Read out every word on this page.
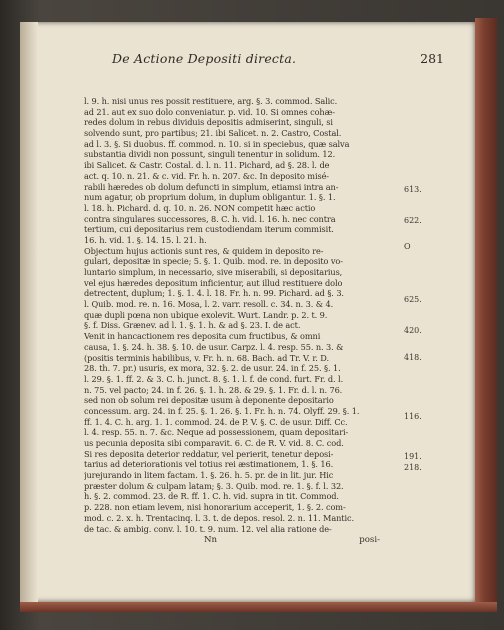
De Actione Depositi directa.	281
l. 9. h. nisi unus res possit restituere, arg. §. 3. commod. Salic.
ad 21. aut ex suo dolo conveniatur. p. vid. 10. Si omnes cohæ-
redes dolum in rebus dividuis depositis admiserint, singuli, si
solvendo sunt, pro partibus; 21. ibi Salicet. n. 2. Castro, Costal.
ad l. 3. §. Si duobus. ff. commod. n. 10. si in speciebus, quæ salva
substantia dividi non possunt, singuli tenentur in solidum. 12.
ibi Salicet. & Castr. Costal. d. l. n. 11. Pichard, ad §. 28. l. de
act. q. 10. n. 21. & c. vid. Fr. h. n. 207. &c. In deposito misé-
rabili hæredes ob dolum defuncti in simplum, etiamsi intra an-
num agatur, ob proprium dolum, in duplum obligantur. 1. §. 1.
l. 18. h. Pichard. d. q. 10. n. 26. NON competit hæc actio
contra singulares successores, 8. C. h. vid. l. 16. h. nec contra
tertium, cui depositarius rem custodiendam iterum commisit.
16. h. vid. 1. §. 14. 15. l. 21. h.
Objectum hujus actionis sunt res, & quidem in deposito re-
gulari, depositæ in specie; 5. §. 1. Quib. mod. re. in deposito vo-
luntario simplum, in necessario, sive miserabili, si depositarius,
vel ejus hæredes depositum inficientur, aut illud restituere dolo
detrectent, duplum; 1. §. 1. 4. l. 18. Fr. h. n. 99. Pichard. ad §. 3.
l. Quib. mod. re. n. 16. Mosa, l. 2. varr. resoll. c. 34. n. 3. & 4.
quæ dupli pœna non ubique exolevit. Wurt. Landr. p. 2. t. 9.
§. f. Diss. Grænev. ad l. 1. §. 1. h. & ad §. 23. I. de act.
Venit in hancactionem res deposita cum fructibus, & omni
causa, 1. §. 24. h. 38. §. 10. de usur. Carpz. l. 4. resp. 55. n. 3. &
(positis terminis habilibus, v. Fr. h. n. 68. Bach. ad Tr. V. r. D.
28. th. 7. pr.) usuris, ex mora, 32. §. 2. de usur. 24. in f. 25. §. 1.
l. 29. §. 1. ff. 2. & 3. C. h. junct. 8. §. 1. l. f. de cond. furt. Fr. d. l.
n. 75. vel pacto; 24. in f. 26. §. 1. h. 28. & 29. §. 1. Fr. d. l. n. 76.
sed non ob solum rei depositæ usum à deponente depositario
concessum. arg. 24. in f. 25. §. 1. 26. §. 1. Fr. h. n. 74. Olyff. 29. §. 1.
ff. 1. 4. C. h. arg. 1. 1. commod. 24. de P. V. §. C. de usur. Diff. Cc.
l. 4. resp. 55. n. 7. &c. Neque ad possessionem, quam depositari-
us pecunia deposita sibi comparavit. 6. C. de R. V. vid. 8. C. cod.
Si res deposita deterior reddatur, vel perierit, tenetur deposi-
tarius ad deteriorationis vel totius rei æstimationem, 1. §. 16.
jurejurando in litem factam. 1. §. 26. h. 5. pr. de in lit. jur. Hic
præster dolum & culpam latam; §. 3. Quib. mod. re. 1. §. f. l. 32.
h. §. 2. commod. 23. de R. ff. 1. C. h. vid. supra in tit. Commod.
p. 228. non etiam levem, nisi honorarium acceperit, 1. §. 2. com-
mod. c. 2. x. h. Trentacinq. l. 3. t. de depos. resol. 2. n. 11. Mantic.
de tac. & ambig. conv. l. 10. t. 9. num. 12. vel alia ratione de-
613.
622.
O
625.
420.
418.
116.
191.
218.
Nn	posi-
